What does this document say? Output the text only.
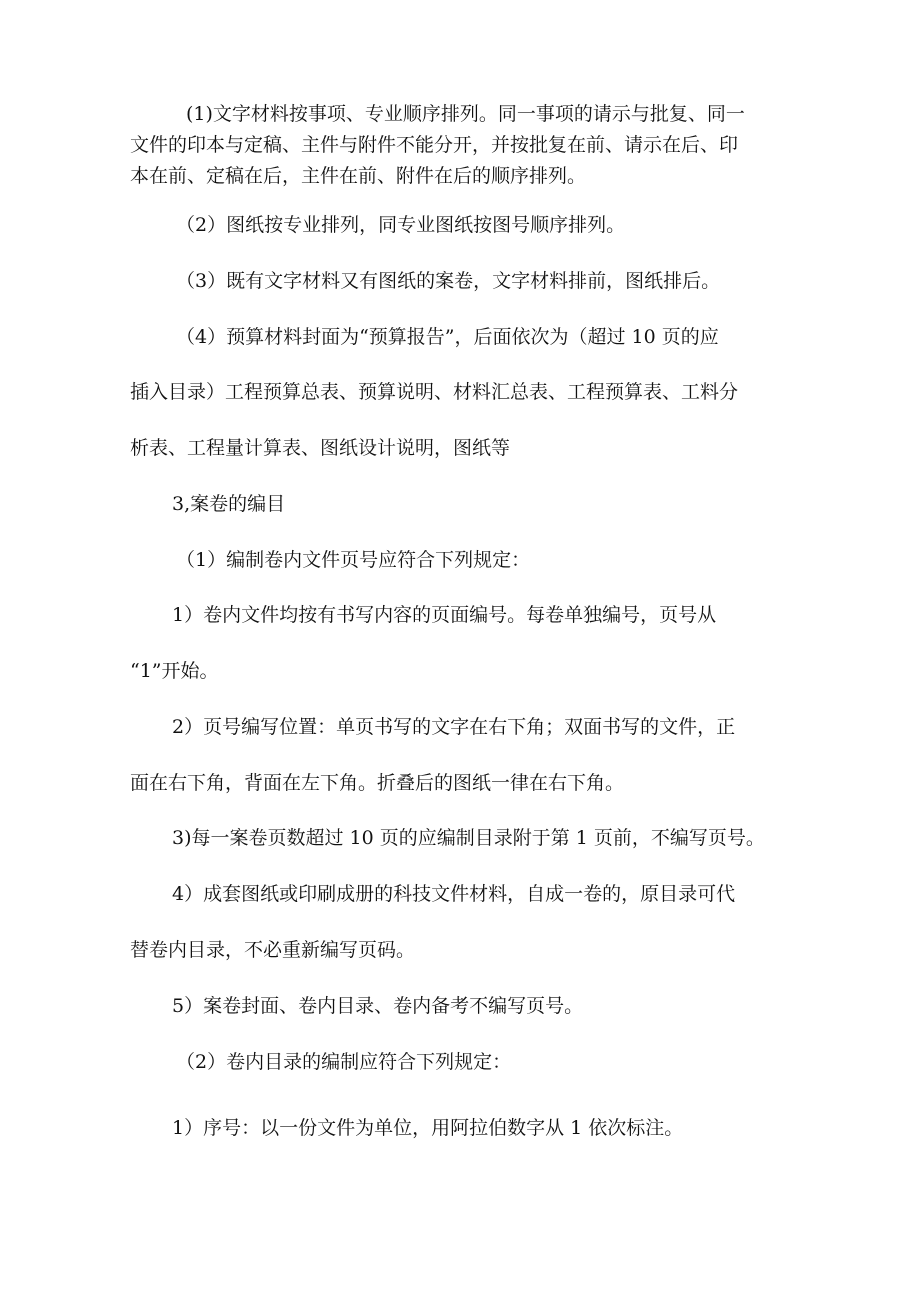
(1)文字材料按事项、专业顺序排列。同一事项的请示与批复、同一
文件的印本与定稿、主件与附件不能分开，并按批复在前、请示在后、印
本在前、定稿在后，主件在前、附件在后的顺序排列。
（2）图纸按专业排列，同专业图纸按图号顺序排列。
（3）既有文字材料又有图纸的案卷，文字材料排前，图纸排后。
（4）预算材料封面为“预算报告”，后面依次为（超过 10 页的应
插入目录）工程预算总表、预算说明、材料汇总表、工程预算表、工料分
析表、工程量计算表、图纸设计说明，图纸等
3,案卷的编目
（1）编制卷内文件页号应符合下列规定：
1）卷内文件均按有书写内容的页面编号。每卷单独编号，页号从
“1”开始。
2）页号编写位置：单页书写的文字在右下角；双面书写的文件，正
面在右下角，背面在左下角。折叠后的图纸一律在右下角。
3)每一案卷页数超过 10 页的应编制目录附于第 1 页前，不编写页号。
4）成套图纸或印刷成册的科技文件材料，自成一卷的，原目录可代
替卷内目录，不必重新编写页码。
5）案卷封面、卷内目录、卷内备考不编写页号。
（2）卷内目录的编制应符合下列规定：
1）序号：以一份文件为单位，用阿拉伯数字从 1 依次标注。
